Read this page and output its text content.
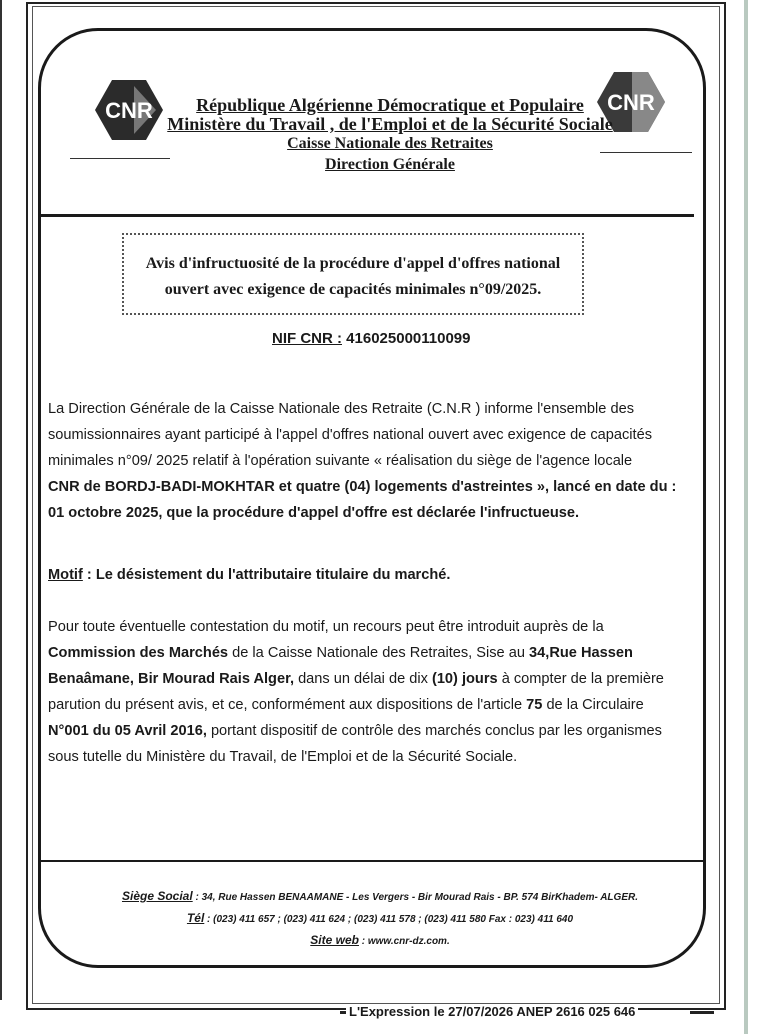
CNR	CNR
République Algérienne Démocratique et Populaire
Ministère du Travail , de l'Emploi et de la Sécurité Sociale
Caisse Nationale des Retraites
Direction Générale
Avis d'infructuosité de la procédure d'appel d'offres national
ouvert avec exigence de capacités minimales n°09/2025.
NIF CNR : 416025000110099
La Direction Générale de la Caisse Nationale des Retraite (C.N.R ) informe l'ensemble des
soumissionnaires ayant participé à l'appel d'offres national ouvert avec exigence de capacités
minimales n°09/ 2025 relatif à l'opération suivante « réalisation du siège de l'agence locale
CNR de BORDJ-BADI-MOKHTAR et quatre (04) logements d'astreintes », lancé en date du :
01 octobre 2025, que la procédure d'appel d'offre est déclarée l'infructueuse.
Motif : Le désistement du l'attributaire titulaire du marché.
Pour toute éventuelle contestation du motif, un recours peut être introduit auprès de la
Commission des Marchés de la Caisse Nationale des Retraites, Sise au 34,Rue Hassen
Benaâmane, Bir Mourad Rais Alger, dans un délai de dix (10) jours à compter de la première
parution du présent avis, et ce, conformément aux dispositions de l'article 75 de la Circulaire
N°001 du 05 Avril 2016, portant dispositif de contrôle des marchés conclus par les organismes
sous tutelle du Ministère du Travail, de l'Emploi et de la Sécurité Sociale.
Siège Social : 34, Rue Hassen BENAAMANE - Les Vergers - Bir Mourad Rais - BP. 574 BirKhadem- ALGER.
Tél : (023) 411 657 ; (023) 411 624 ; (023) 411 578 ; (023) 411 580 Fax : 023) 411 640
Site web : www.cnr-dz.com.
L'Expression le 27/07/2026 ANEP 2616 025 646
